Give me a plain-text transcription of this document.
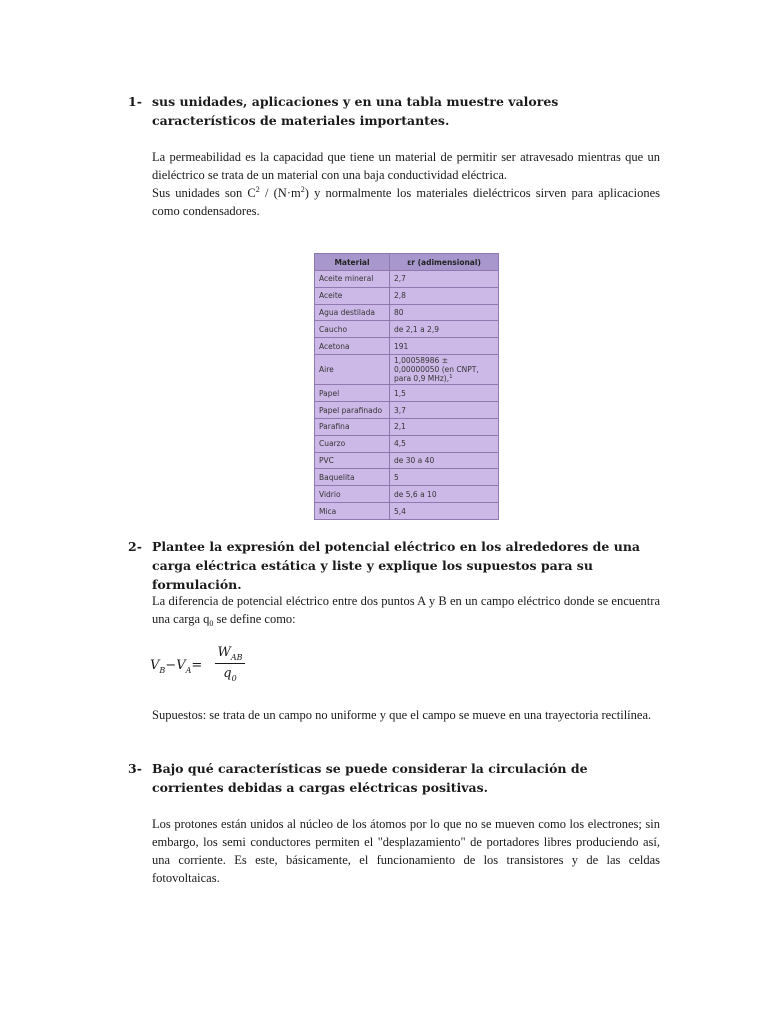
1- sus unidades, aplicaciones y en una tabla muestre valores característicos de materiales importantes.
La permeabilidad es la capacidad que tiene un material de permitir ser atravesado mientras que un dieléctrico se trata de un material con una baja conductividad eléctrica.
Sus unidades son $C^2 / (N\cdot m^2)$ y normalmente los materiales dieléctricos sirven para aplicaciones como condensadores.
Material	εr (adimensional)
Aceite mineral	2,7
Aceite	2,8
Agua destilada	80
Caucho	de 2,1 a 2,9
Acetona	191
Aire	1,00058986 ± 0,00000050 (en CNPT, para 0,9 MHz),$^1$
Papel	1,5
Papel parafinado	3,7
Parafina	2,1
Cuarzo	4,5
PVC	de 30 a 40
Baquelita	5
Vidrio	de 5,6 a 10
Mica	5,4
2- Plantee la expresión del potencial eléctrico en los alrededores de una carga eléctrica estática y liste y explique los supuestos para su formulación.
La diferencia de potencial eléctrico entre dos puntos A y B en un campo eléctrico donde se encuentra una carga $q_0$ se define como:
$V_B-V_A=$
$W_{AB}$
$q_0$
Supuestos: se trata de un campo no uniforme y que el campo se mueve en una trayectoria rectilínea.
3- Bajo qué características se puede considerar la circulación de corrientes debidas a cargas eléctricas positivas.
Los protones están unidos al núcleo de los átomos por lo que no se mueven como los electrones; sin embargo, los semi conductores permiten el "desplazamiento" de portadores libres produciendo así, una corriente. Es este, básicamente, el funcionamiento de los transistores y de las celdas fotovoltaicas.
